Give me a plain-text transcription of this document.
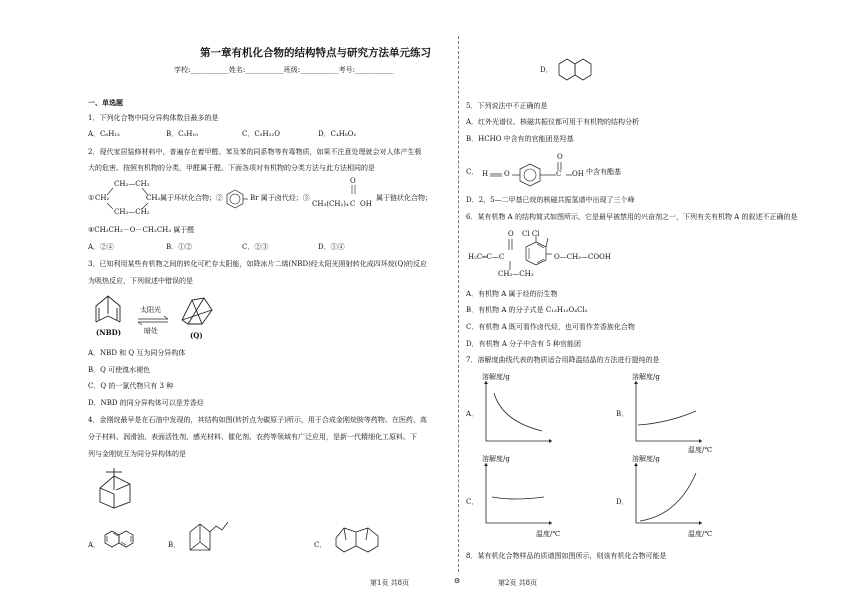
第一章有机化合物的结构特点与研究方法单元练习
学校:___________姓名:___________班级:___________考号:___________
一、单选题
1．下列化合物中同分异构体数目最多的是
A．C₆H₁₂	B．C₅H₁₀	C．C₅H₁₂O	D．C₄H₈O₂
2．现代家居装修材料中，普遍存在着甲醛、苯及苯的同系物等有毒物质，如果不注意处理就会对人体产生极
大的危害。按照有机物的分类，甲醛属于醛。下面各项对有机物的分类方法与此方法相同的是
①
CH₂—CH₂
CH₂	CH₂
CH₂—CH₂
属于环状化合物；②	Br 属于卤代烃；③
O
CH₃(CH₂)₄ C OH
属于链状化合物；
④CH₃CH₂－O－CH₂CH₃ 属于醛
A．②④	B．①②	C．②③	D．①④
3．已知利用某些有机物之间的转化可贮存太阳能，如降冰片二烯(NBD)经太阳光照射转化成四环烷(Q)的反应
为吸热反应，下列叙述中错误的是
(NBD)
太阳光
暗处	(Q)
A．NBD 和 Q 互为同分异构体
B．Q 可使溴水褪色
C．Q 的一氯代物只有 3 种
D．NBD 的同分异构体可以是芳香烃
4．金刚烷最早是在石油中发现的，其结构如图(转折点为碳原子)所示，用于合成金刚烷胺等药物。在医药、高
分子材料、润滑油、表面活性剂、感光材料、催化剂、农药等领域有广泛应用，是新一代精细化工原料。下
列与金刚烷互为同分异构体的是
A．	B．	C．
D．
5．下列说法中不正确的是
A．红外光谱仪、核磁共振仪都可用于有机物的结构分析
B．HCHO 中含有的官能团是羟基
C． H O
O
C OH 中含有酯基
D．2，5—二甲基已烷的核磁共振氢谱中出现了三个峰
6．某有机物 A 的结构简式如图所示，它是最早被禁用的兴奋剂之一，下列有关有机物 A 的叙述不正确的是
O Cl Cl
H₂C═C—C	O—CH₂—COOH
CH₂—CH₃
A．有机物 A 属于烃的衍生物
B．有机物 A 的分子式是 C₁₃H₁₂O₄Cl₂
C．有机物 A 既可看作卤代烃，也可看作芳香族化合物
D．有机物 A 分子中含有 5 种官能团
7．溶解度曲线代表的物质适合用降温结晶的方法进行提纯的是
A．
溶解度/g
B．
溶解度/g
温度/℃
C．
溶解度/g
温度/℃
D．
溶解度/g
温度/℃
8．某有机化合物样品的质谱图如图所示，则该有机化合物可能是
第1页 共8页	⚙	第2页 共8页
